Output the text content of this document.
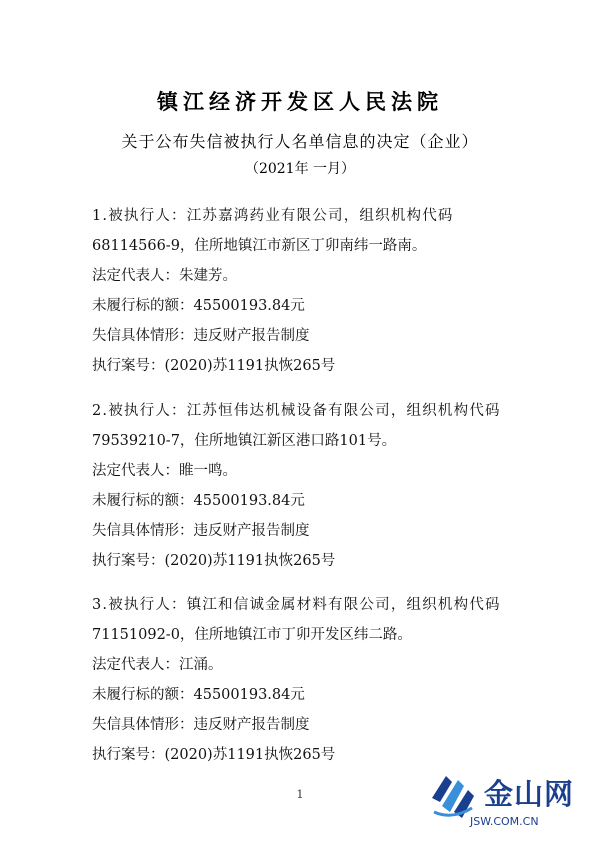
镇江经济开发区人民法院
关于公布失信被执行人名单信息的决定（企业）
（2021年 一月）
1.被执行人：江苏嘉鸿药业有限公司，组织机构代码
68114566-9，住所地镇江市新区丁卯南纬一路南。
法定代表人：朱建芳。
未履行标的额：45500193.84元
失信具体情形：违反财产报告制度
执行案号：(2020)苏1191执恢265号
2.被执行人：江苏恒伟达机械设备有限公司，组织机构代码
79539210-7，住所地镇江新区港口路101号。
法定代表人：睢一鸣。
未履行标的额：45500193.84元
失信具体情形：违反财产报告制度
执行案号：(2020)苏1191执恢265号
3.被执行人：镇江和信诚金属材料有限公司，组织机构代码
71151092-0，住所地镇江市丁卯开发区纬二路。
法定代表人：江涌。
未履行标的额：45500193.84元
失信具体情形：违反财产报告制度
执行案号：(2020)苏1191执恢265号
1	金山网
JSW.COM.CN
